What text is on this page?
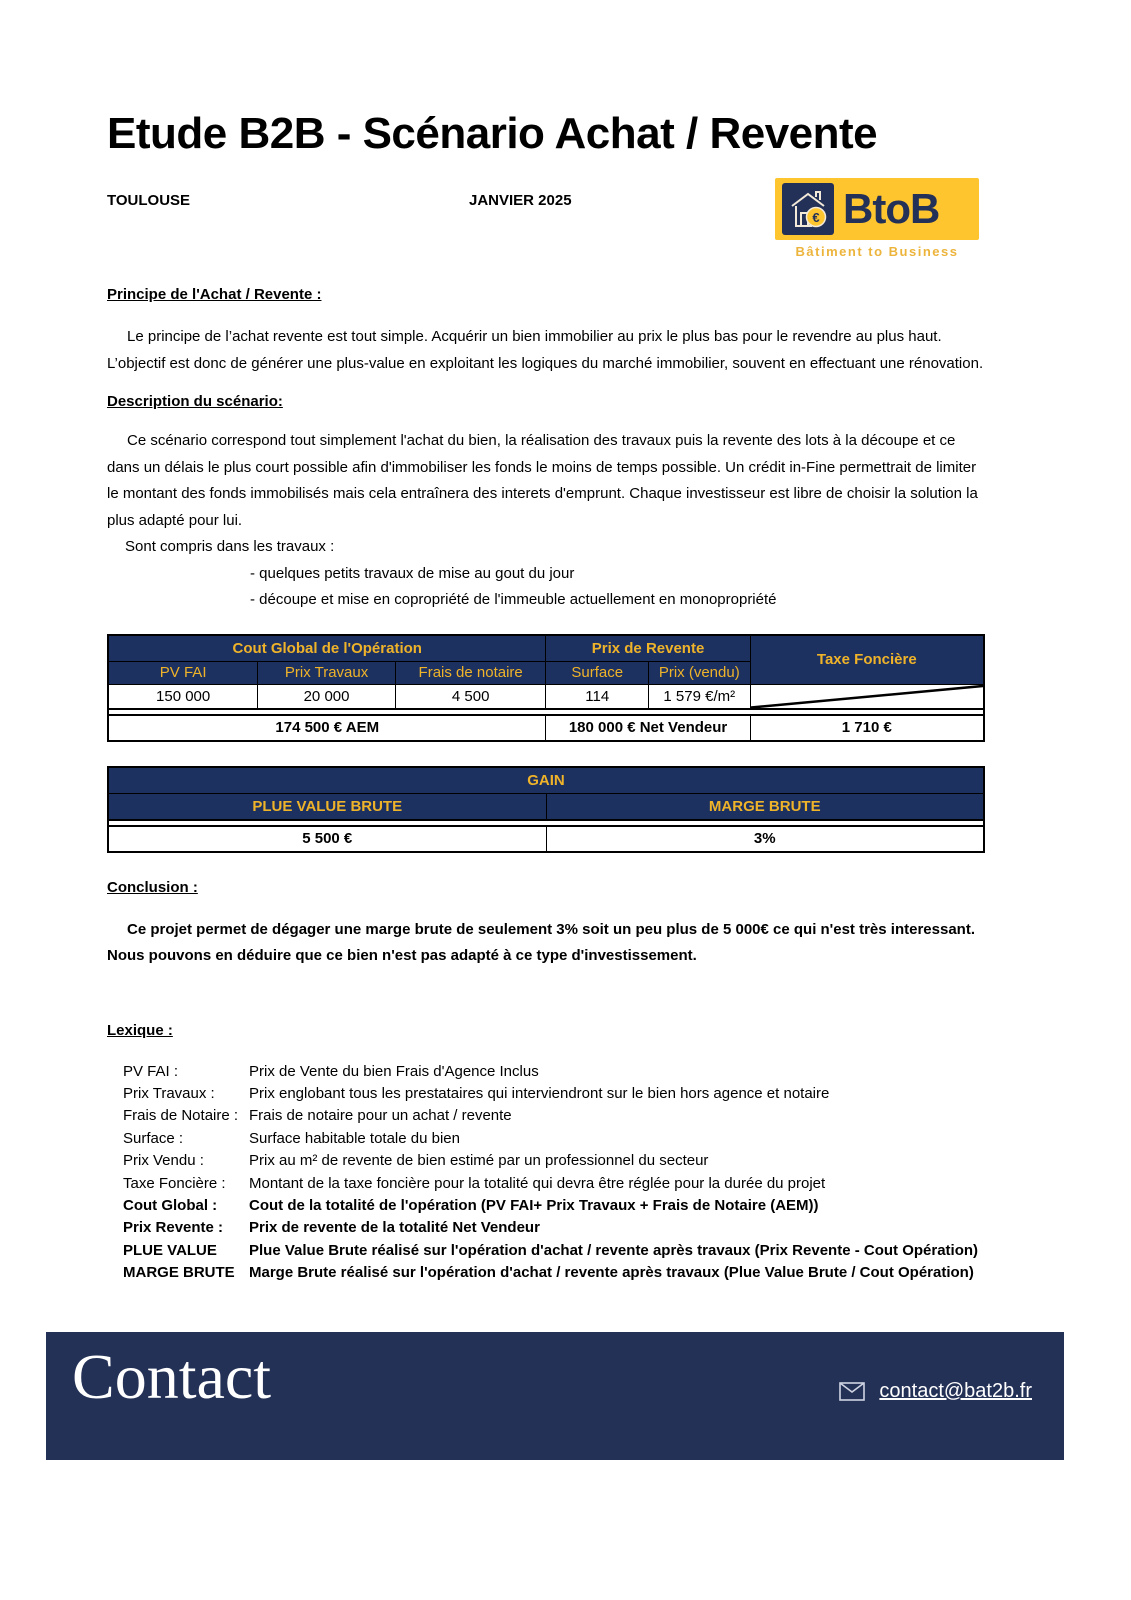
Etude B2B - Scénario Achat / Revente
TOULOUSE	JANVIER 2025
€ BtoB
Bâtiment to Business

Principe de l'Achat / Revente :

Le principe de l’achat revente est tout simple. Acquérir un bien immobilier au prix le plus bas pour le revendre au plus haut. L’objectif est donc de générer une plus-value en exploitant les logiques du marché immobilier, souvent en effectuant une rénovation.

Description du scénario:

Ce scénario correspond tout simplement l'achat du bien, la réalisation des travaux puis la revente des lots à la découpe et ce dans un délais le plus court possible afin d'immobiliser les fonds le moins de temps possible. Un crédit in-Fine permettrait de limiter le montant des fonds immobilisés mais cela entraînera des interets d'emprunt. Chaque investisseur est libre de choisir la solution la plus adapté pour lui.

Sont compris dans les travaux :
- quelques petits travaux de mise au gout du jour
- découpe et mise en copropriété de l'immeuble actuellement en monopropriété
Cout Global de l'Opération			Prix de Revente		Taxe Foncière
PV FAI	Prix Travaux	Frais de notaire	Surface	Prix (vendu)	
150 000	20 000	4 500	114	1 579 €/m²	

174 500 € AEM			180 000 € Net Vendeur		1 710 €
GAIN	
PLUE VALUE BRUTE	MARGE BRUTE

5 500 €	3%

Conclusion :

Ce projet permet de dégager une marge brute de seulement 3% soit un peu plus de 5 000€ ce qui n'est très interessant. Nous pouvons en déduire que ce bien n'est pas adapté à ce type d'investissement.

Lexique :

PV FAI :	Prix de Vente du bien Frais d'Agence Inclus
Prix Travaux :	Prix englobant tous les prestataires qui interviendront sur le bien hors agence et notaire
Frais de Notaire : Frais de notaire pour un achat / revente
Surface :	Surface habitable totale du bien
Prix Vendu :	Prix au m² de revente de bien estimé par un professionnel du secteur
Taxe Foncière :	Montant de la taxe foncière pour la totalité qui devra être réglée pour la durée du projet
Cout Global :	Cout de la totalité de l'opération (PV FAI+ Prix Travaux + Frais de Notaire (AEM))
Prix Revente :	Prix de revente de la totalité Net Vendeur
PLUE VALUE	Plue Value Brute réalisé sur l'opération d'achat / revente après travaux (Prix Revente - Cout Opération)
MARGE BRUTE Marge Brute réalisé sur l'opération d'achat / revente après travaux (Plue Value Brute / Cout Opération)
Contact	contact@bat2b.fr
